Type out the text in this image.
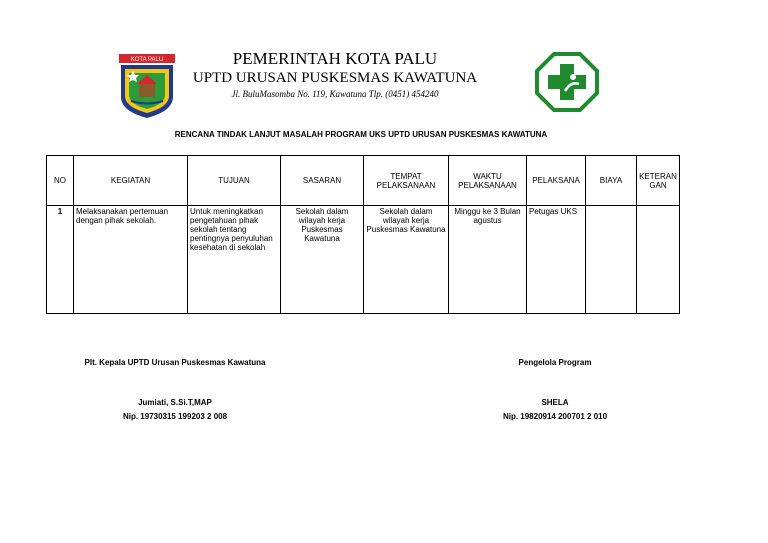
KOTA PALU	PEMERINTAH KOTA PALU
UPTD URUSAN PUSKESMAS KAWATUNA
Jl. BuluMasomba No. 119, Kawatuna Tlp. (0451) 454240
RENCANA TINDAK LANJUT MASALAH PROGRAM UKS UPTD URUSAN PUSKESMAS KAWATUNA
NO	KEGIATAN	TUJUAN	SASARAN	TEMPAT PELAKSANAAN	WAKTU PELAKSANAAN	PELAKSANA	BIAYA	KETERAN GAN
1	Melaksanakan pertemuan dengan pihak sekolah.	Untuk meningkatkan pengetahuan pihak sekolah tentang pentingnya penyuluhan kesehatan di sekolah	Sekolah dalam wilayah kerja Puskesmas Kawatuna	Sekolah dalam wilayah kerja Puskesmas Kawatuna	Minggu ke 3 Bulan agustus	Petugas UKS		
Plt. Kepala UPTD Urusan Puskesmas Kawatuna
Jumiati, S.Si.T,MAP
Nip. 19730315 199203 2 008
Pengelola Program
SHELA
Nip. 19820914 200701 2 010
